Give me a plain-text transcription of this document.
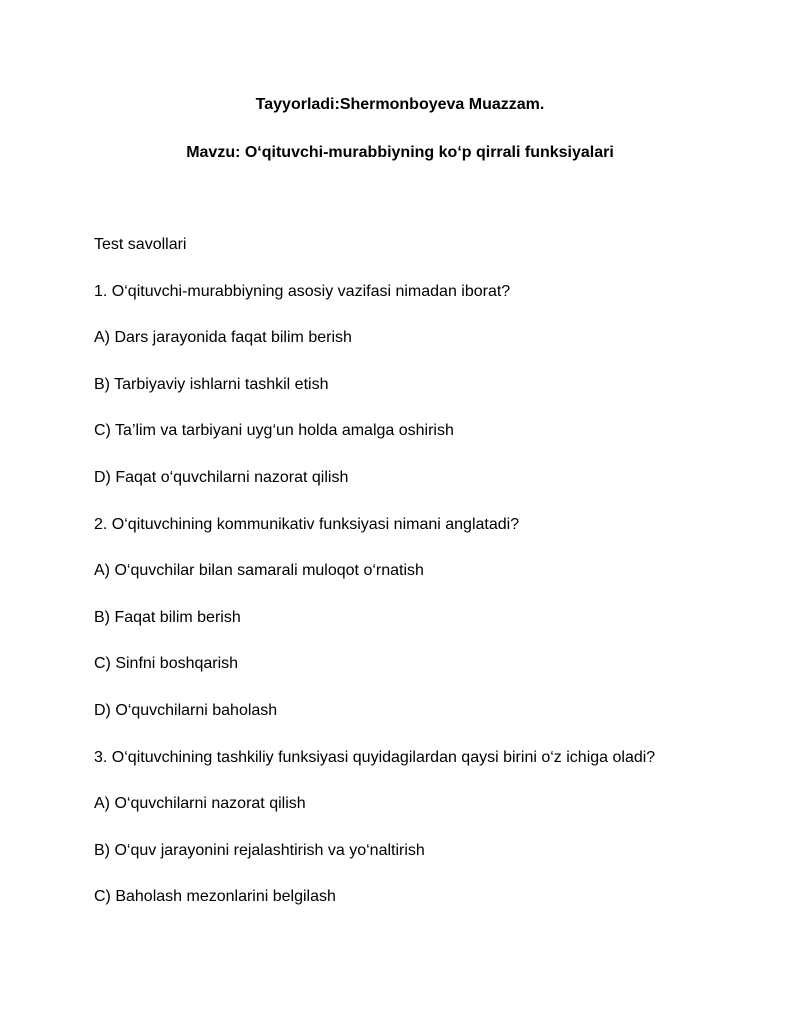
Tayyorladi:Shermonboyeva Muazzam.

Mavzu: O‘qituvchi-murabbiyning ko‘p qirrali funksiyalari

Test savollari
1. O‘qituvchi-murabbiyning asosiy vazifasi nimadan iborat?
A) Dars jarayonida faqat bilim berish
B) Tarbiyaviy ishlarni tashkil etish
C) Ta’lim va tarbiyani uyg‘un holda amalga oshirish
D) Faqat o‘quvchilarni nazorat qilish
2. O‘qituvchining kommunikativ funksiyasi nimani anglatadi?
A) O‘quvchilar bilan samarali muloqot o‘rnatish
B) Faqat bilim berish
C) Sinfni boshqarish
D) O‘quvchilarni baholash
3. O‘qituvchining tashkiliy funksiyasi quyidagilardan qaysi birini o‘z ichiga oladi?
A) O‘quvchilarni nazorat qilish
B) O‘quv jarayonini rejalashtirish va yo‘naltirish
C) Baholash mezonlarini belgilash
